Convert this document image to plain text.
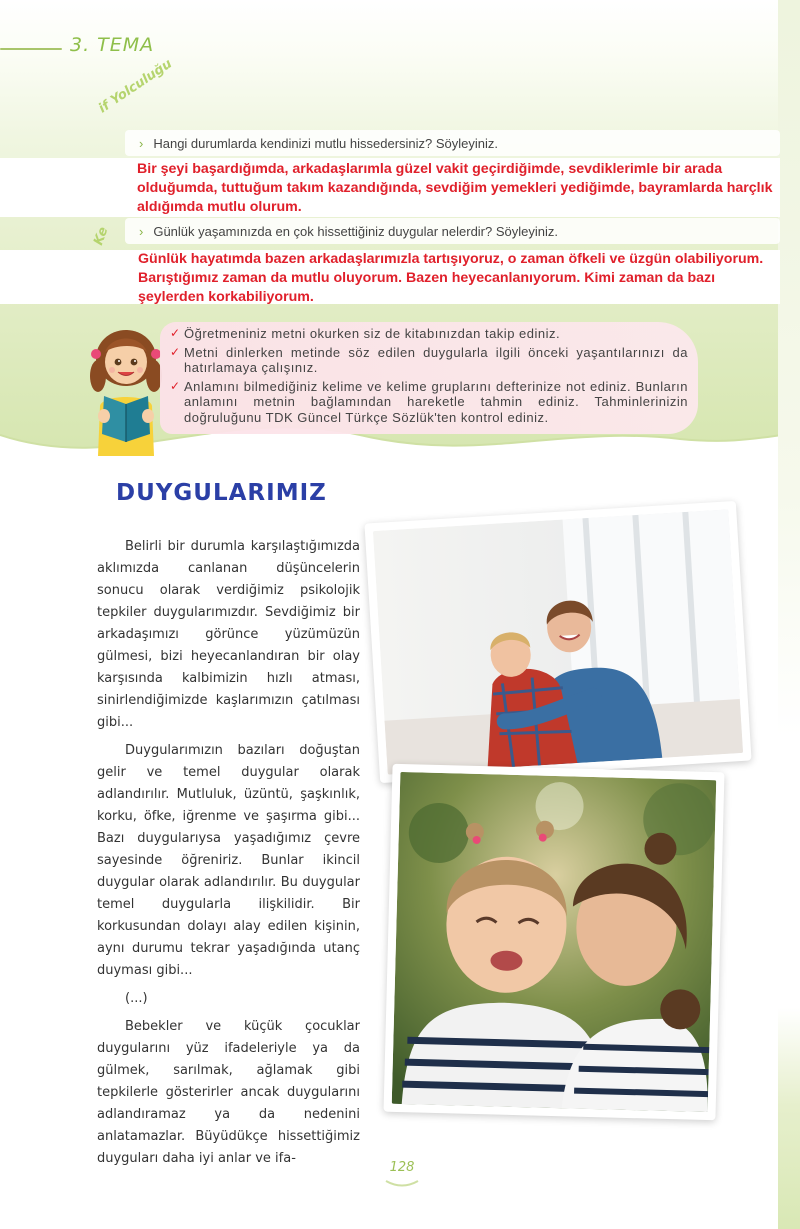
3. TEMA
if Yolculuğu
Ke
› Hangi durumlarda kendinizi mutlu hissedersiniz? Söyleyiniz.
Bir şeyi başardığımda, arkadaşlarımla güzel vakit geçirdiğimde, sevdiklerimle bir arada olduğumda, tuttuğum takım kazandığında, sevdiğim yemekleri yediğimde, bayramlarda harçlık aldığımda mutlu olurum.
› Günlük yaşamınızda en çok hissettiğiniz duygular nelerdir? Söyleyiniz.
Günlük hayatımda bazen arkadaşlarımızla tartışıyoruz, o zaman öfkeli ve üzgün olabiliyorum. Barıştığımız zaman da mutlu oluyorum. Bazen heyecanlanıyorum. Kimi zaman da bazı şeylerden korkabiliyorum.
✓ Öğretmeniniz metni okurken siz de kitabınızdan takip ediniz.
✓ Metni dinlerken metinde söz edilen duygularla ilgili önceki yaşantılarınızı da hatırlamaya çalışınız.
✓ Anlamını bilmediğiniz kelime ve kelime gruplarını defterinize not ediniz. Bunların anlamını metnin bağlamından hareketle tahmin ediniz. Tahminlerinizin doğruluğunu TDK Güncel Türkçe Sözlük'ten kontrol ediniz.
DUYGULARIMIZ

Belirli bir durumla karşılaştığımızda aklımızda canlanan düşüncelerin sonucu olarak verdiğimiz psikolojik tepkiler duygularımızdır. Sevdiğimiz bir arkadaşımızı görünce yüzümüzün gülmesi, bizi heyecanlandıran bir olay karşısında kalbimizin hızlı atması, sinirlendiğimizde kaşlarımızın çatılması gibi...

Duygularımızın bazıları doğuştan gelir ve temel duygular olarak adlandırılır. Mutluluk, üzüntü, şaşkınlık, korku, öfke, iğrenme ve şaşırma gibi... Bazı duygularıysa yaşadığımız çevre sayesinde öğreniriz. Bunlar ikincil duygular olarak adlandırılır. Bu duygular temel duygularla ilişkilidir. Bir korkusundan dolayı alay edilen kişinin, aynı durumu tekrar yaşadığında utanç duyması gibi...

(...)

Bebekler ve küçük çocuklar duygularını yüz ifadeleriyle ya da gülmek, sarılmak, ağlamak gibi tepkilerle gösterirler ancak duygularını adlandıramaz ya da nedenini anlatamazlar. Büyüdükçe hissettiğimiz duyguları daha iyi anlar ve ifa-

128
